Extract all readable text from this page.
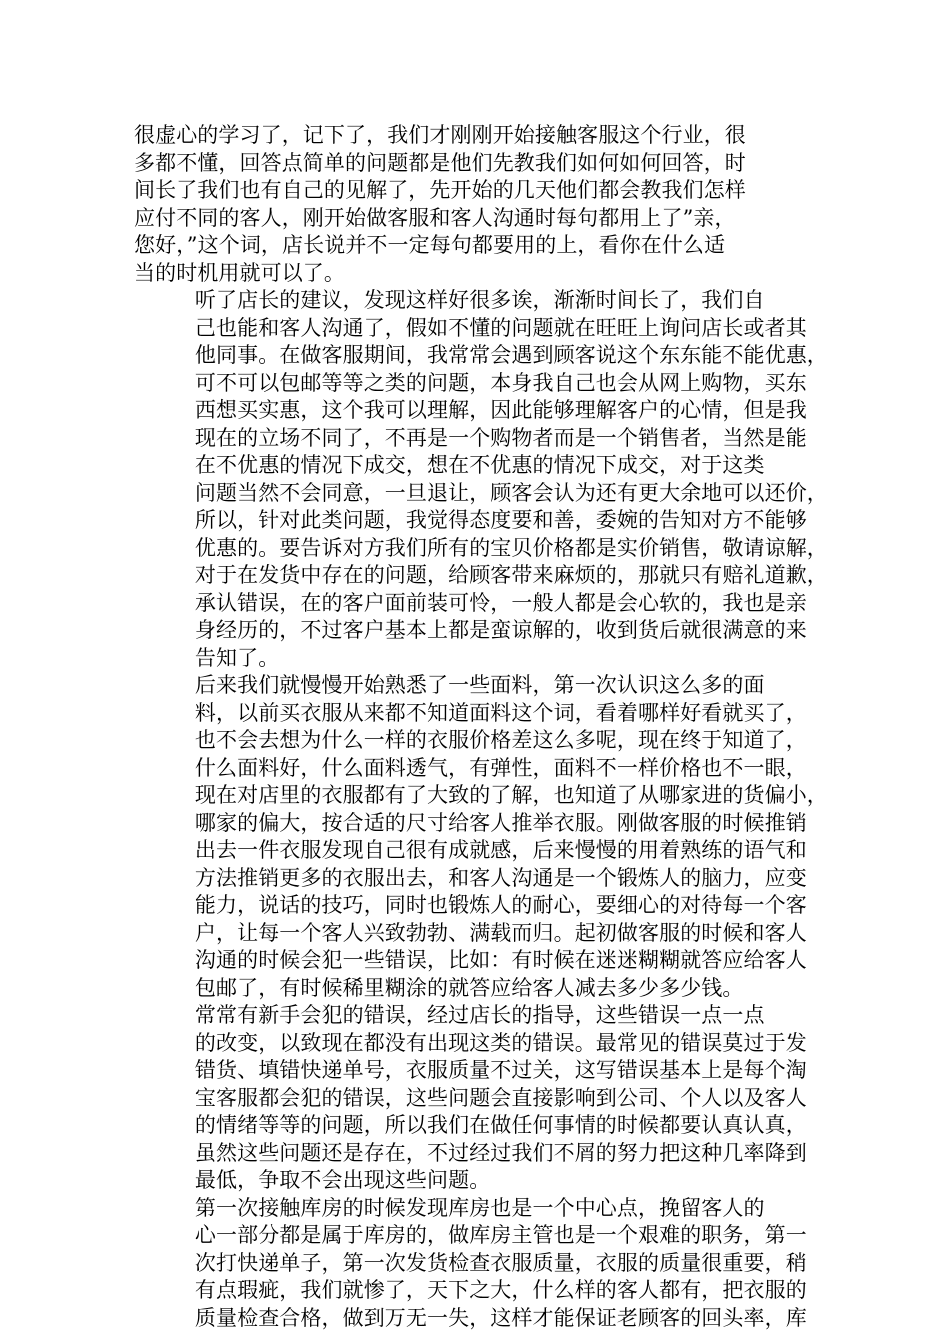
很虚心的学习了，记下了，我们才刚刚开始接触客服这个行业，很
多都不懂，回答点简单的问题都是他们先教我们如何如何回答，时
间长了我们也有自己的见解了，先开始的几天他们都会教我们怎样
应付不同的客人，刚开始做客服和客人沟通时每句都用上了”亲，
您好，”这个词，店长说并不一定每句都要用的上，看你在什么适
当的时机用就可以了。
听了店长的建议，发现这样好很多诶，渐渐时间长了，我们自
己也能和客人沟通了，假如不懂的问题就在旺旺上询问店长或者其
他同事。在做客服期间，我常常会遇到顾客说这个东东能不能优惠，
可不可以包邮等等之类的问题，本身我自己也会从网上购物，买东
西想买实惠，这个我可以理解，因此能够理解客户的心情，但是我
现在的立场不同了，不再是一个购物者而是一个销售者，当然是能
在不优惠的情况下成交，想在不优惠的情况下成交，对于这类
问题当然不会同意，一旦退让，顾客会认为还有更大余地可以还价，
所以，针对此类问题，我觉得态度要和善，委婉的告知对方不能够
优惠的。要告诉对方我们所有的宝贝价格都是实价销售，敬请谅解，
对于在发货中存在的问题，给顾客带来麻烦的，那就只有赔礼道歉，
承认错误，在的客户面前装可怜，一般人都是会心软的，我也是亲
身经历的，不过客户基本上都是蛮谅解的，收到货后就很满意的来
告知了。
后来我们就慢慢开始熟悉了一些面料，第一次认识这么多的面
料，以前买衣服从来都不知道面料这个词，看着哪样好看就买了，
也不会去想为什么一样的衣服价格差这么多呢，现在终于知道了，
什么面料好，什么面料透气，有弹性，面料不一样价格也不一眼，
现在对店里的衣服都有了大致的了解，也知道了从哪家进的货偏小，
哪家的偏大，按合适的尺寸给客人推举衣服。刚做客服的时候推销
出去一件衣服发现自己很有成就感，后来慢慢的用着熟练的语气和
方法推销更多的衣服出去，和客人沟通是一个锻炼人的脑力，应变
能力，说话的技巧，同时也锻炼人的耐心，要细心的对待每一个客
户，让每一个客人兴致勃勃、满载而归。起初做客服的时候和客人
沟通的时候会犯一些错误，比如：有时候在迷迷糊糊就答应给客人
包邮了，有时候稀里糊涂的就答应给客人减去多少多少钱。
常常有新手会犯的错误，经过店长的指导，这些错误一点一点
的改变，以致现在都没有出现这类的错误。最常见的错误莫过于发
错货、填错快递单号，衣服质量不过关，这写错误基本上是每个淘
宝客服都会犯的错误，这些问题会直接影响到公司、个人以及客人
的情绪等等的问题，所以我们在做任何事情的时候都要认真认真，
虽然这些问题还是存在，不过经过我们不屑的努力把这种几率降到
最低，争取不会出现这些问题。
第一次接触库房的时候发现库房也是一个中心点，挽留客人的
心一部分都是属于库房的，做库房主管也是一个艰难的职务，第一
次打快递单子，第一次发货检查衣服质量，衣服的质量很重要，稍
有点瑕疵，我们就惨了，天下之大，什么样的客人都有，把衣服的
质量检查合格，做到万无一失，这样才能保证老顾客的回头率，库
